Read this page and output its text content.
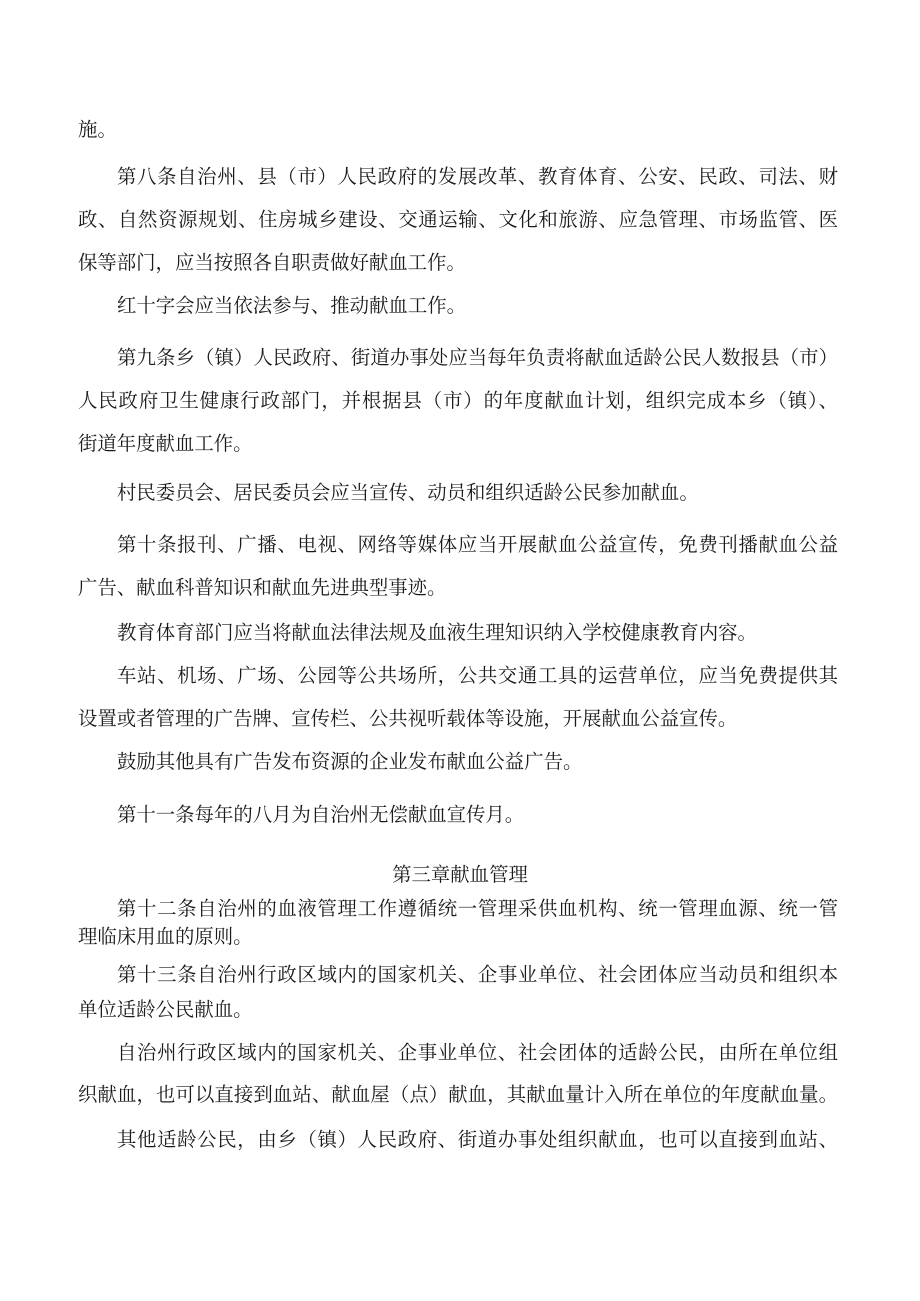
施。
第八条自治州、县（市）人民政府的发展改革、教育体育、公安、民政、司法、财
政、自然资源规划、住房城乡建设、交通运输、文化和旅游、应急管理、市场监管、医
保等部门，应当按照各自职责做好献血工作。
红十字会应当依法参与、推动献血工作。
第九条乡（镇）人民政府、街道办事处应当每年负责将献血适龄公民人数报县（市）
人民政府卫生健康行政部门，并根据县（市）的年度献血计划，组织完成本乡（镇）、
街道年度献血工作。
村民委员会、居民委员会应当宣传、动员和组织适龄公民参加献血。
第十条报刊、广播、电视、网络等媒体应当开展献血公益宣传，免费刊播献血公益
广告、献血科普知识和献血先进典型事迹。
教育体育部门应当将献血法律法规及血液生理知识纳入学校健康教育内容。
车站、机场、广场、公园等公共场所，公共交通工具的运营单位，应当免费提供其
设置或者管理的广告牌、宣传栏、公共视听载体等设施，开展献血公益宣传。
鼓励其他具有广告发布资源的企业发布献血公益广告。
第十一条每年的八月为自治州无偿献血宣传月。
第三章献血管理
第十二条自治州的血液管理工作遵循统一管理采供血机构、统一管理血源、统一管
理临床用血的原则。
第十三条自治州行政区域内的国家机关、企事业单位、社会团体应当动员和组织本
单位适龄公民献血。
自治州行政区域内的国家机关、企事业单位、社会团体的适龄公民，由所在单位组
织献血，也可以直接到血站、献血屋（点）献血，其献血量计入所在单位的年度献血量。
其他适龄公民，由乡（镇）人民政府、街道办事处组织献血，也可以直接到血站、
